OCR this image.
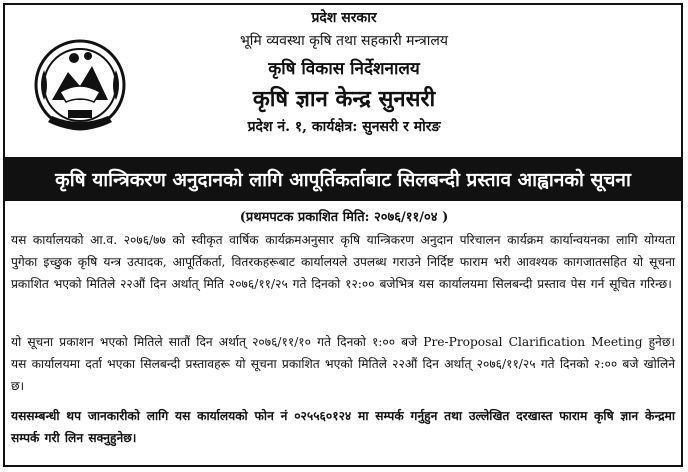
प्रदेश सरकार
भूमि व्यवस्था कृषि तथा सहकारी मन्त्रालय
कृषि विकास निर्देशनालय
कृषि ज्ञान केन्द्र सुनसरी
प्रदेश नं. १, कार्यक्षेत्र: सुनसरी र मोरङ
कृषि यान्त्रिकरण अनुदानको लागि आपूर्तिकर्ताबाट सिलबन्दी प्रस्ताव आह्वानको सूचना
(प्रथमपटक प्रकाशित मिति: २०७६/११/०४ )
यस कार्यालयको आ.व. २०७६/७७ को स्वीकृत वार्षिक कार्यक्रमअनुसार कृषि यान्त्रिकरण अनुदान परिचालन कार्यक्रम कार्यान्वयनका लागि योग्यता पुगेका इच्छुक कृषि यन्त्र उत्पादक, आपूर्तिकर्ता, वितरकहरूबाट कार्यालयले उपलब्ध गराउने निर्दिष्ट फाराम भरी आवश्यक कागजातसहित यो सूचना प्रकाशित भएको मितिले २२औं दिन अर्थात् मिति २०७६/११/२५ गते दिनको १२:०० बजेभित्र यस कार्यालयमा सिलबन्दी प्रस्ताव पेस गर्न सूचित गरिन्छ।
यो सूचना प्रकाशन भएको मितिले सातौं दिन अर्थात् २०७६/११/१० गते दिनको १:०० बजे Pre-Proposal Clarification Meeting हुनेछ। यस कार्यालयमा दर्ता भएका सिलबन्दी प्रस्तावहरू यो सूचना प्रकाशित भएको मितिले २२औं दिन अर्थात् २०७६/११/२५ गते दिनको २:०० बजे खोलिने छ।
यससम्बन्धी थप जानकारीको लागि यस कार्यालयको फोन नं ०२५५६०१२४ मा सम्पर्क गर्नुहुन तथा उल्लेखित दरखास्त फाराम कृषि ज्ञान केन्द्रमा सम्पर्क गरी लिन सक्नुहुनेछ।
